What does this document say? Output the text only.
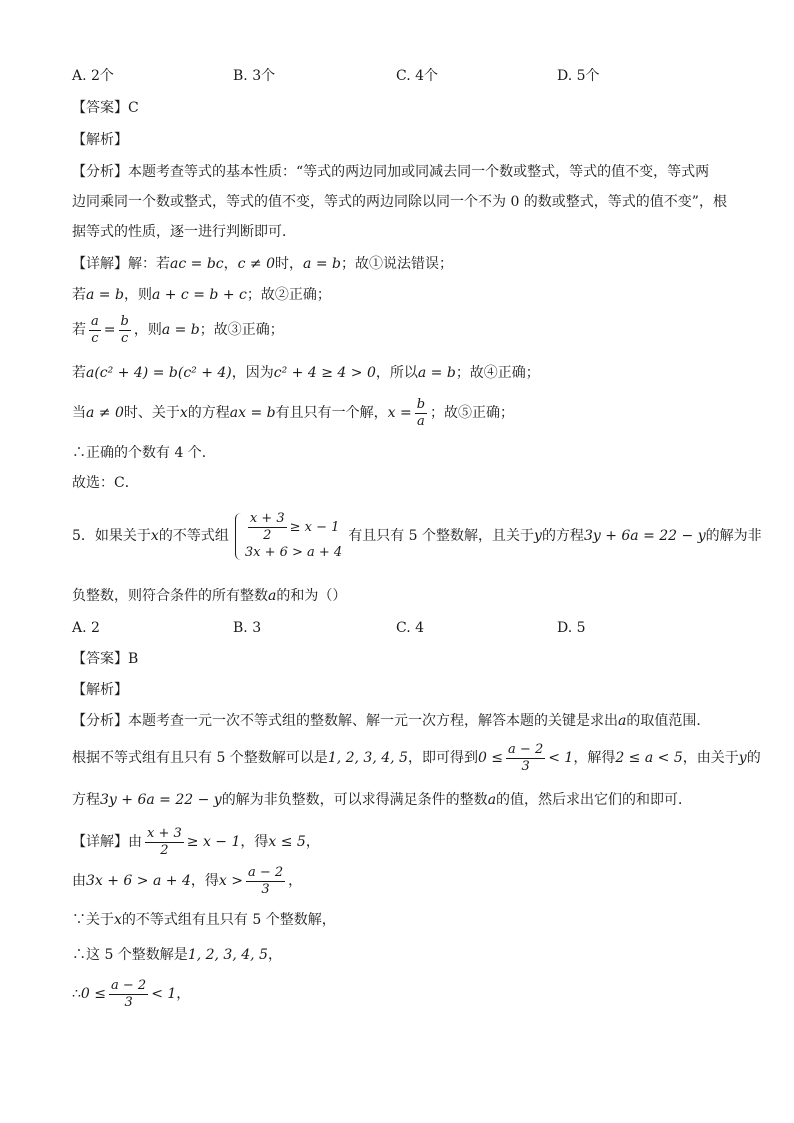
A. 2个	B. 3个	C. 4个	D. 5个
【答案】C
【解析】
【分析】本题考查等式的基本性质：“等式的两边同加或同减去同一个数或整式，等式的值不变，等式两
边同乘同一个数或整式，等式的值不变，等式的两边同除以同一个不为 0 的数或整式，等式的值不变”，根
据等式的性质，逐一进行判断即可．
【详解】解：若ac = bc，c ≠ 0时，a = b；故①说法错误；
若a = b，则a + c = b + c；故②正确；
若 $\frac{a}{c} = \frac{b}{c}$ ，则a = b；故③正确；
若a(c² + 4) = b(c² + 4)，因为c² + 4 ≥ 4 > 0，所以a = b；故④正确；
当a ≠ 0时、关于x的方程ax = b有且只有一个解，$x = \frac{b}{a}$ ；故⑤正确；
∴正确的个数有 4 个．
故选：C．
5．如果关于x的不等式组 $\frac{x + 3}{2} \ge x - 1$
3x + 6 > a + 4
有且只有 5 个整数解，且关于y的方程3y + 6a = 22 − y的解为非
负整数，则符合条件的所有整数a的和为（）
A. 2	B. 3	C. 4	D. 5
【答案】B
【解析】
【分析】本题考查一元一次不等式组的整数解、解一元一次方程，解答本题的关键是求出a的取值范围．
根据不等式组有且只有 5 个整数解可以是1, 2, 3, 4, 5，即可得到$0 \le \frac{a - 2}{3} < 1$，解得2 ≤ a < 5，由关于y的
方程3y + 6a = 22 − y的解为非负整数，可以求得满足条件的整数a的值，然后求出它们的和即可．
【详解】由 $\frac{x + 3}{2} \ge x - 1$，得x ≤ 5，
由3x + 6 > a + 4，得$x > \frac{a - 2}{3}$ ，
∵关于x的不等式组有且只有 5 个整数解，
∴这 5 个整数解是1, 2, 3, 4, 5，
∴0 ≤ $\frac{a - 2}{3} < 1$，
